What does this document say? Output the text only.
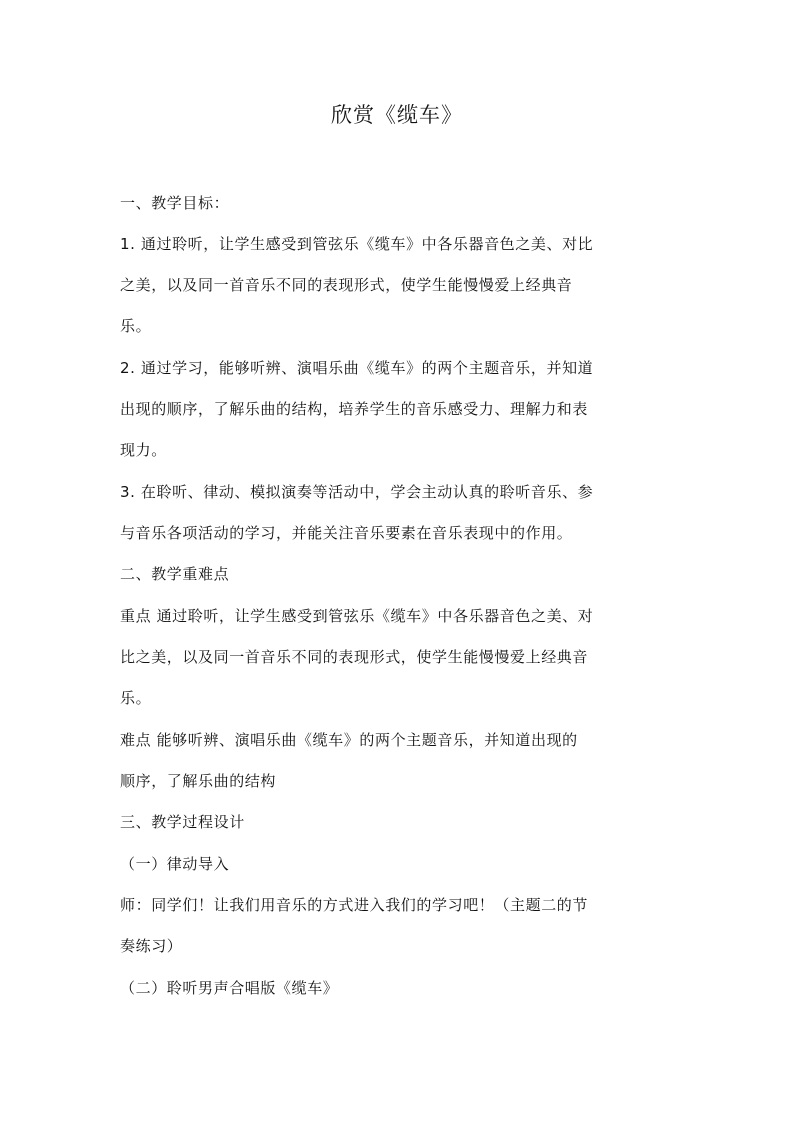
欣赏《缆车》
一、教学目标：
1. 通过聆听，让学生感受到管弦乐《缆车》中各乐器音色之美、对比
之美，以及同一首音乐不同的表现形式，使学生能慢慢爱上经典音
乐。
2. 通过学习，能够听辨、演唱乐曲《缆车》的两个主题音乐，并知道
出现的顺序，了解乐曲的结构，培养学生的音乐感受力、理解力和表
现力。
3. 在聆听、律动、模拟演奏等活动中，学会主动认真的聆听音乐、参
与音乐各项活动的学习，并能关注音乐要素在音乐表现中的作用。
二、教学重难点
重点 通过聆听，让学生感受到管弦乐《缆车》中各乐器音色之美、对
比之美，以及同一首音乐不同的表现形式，使学生能慢慢爱上经典音
乐。
难点 能够听辨、演唱乐曲《缆车》的两个主题音乐，并知道出现的
顺序，了解乐曲的结构
三、教学过程设计
（一）律动导入
师：同学们！让我们用音乐的方式进入我们的学习吧！（主题二的节
奏练习）
（二）聆听男声合唱版《缆车》
